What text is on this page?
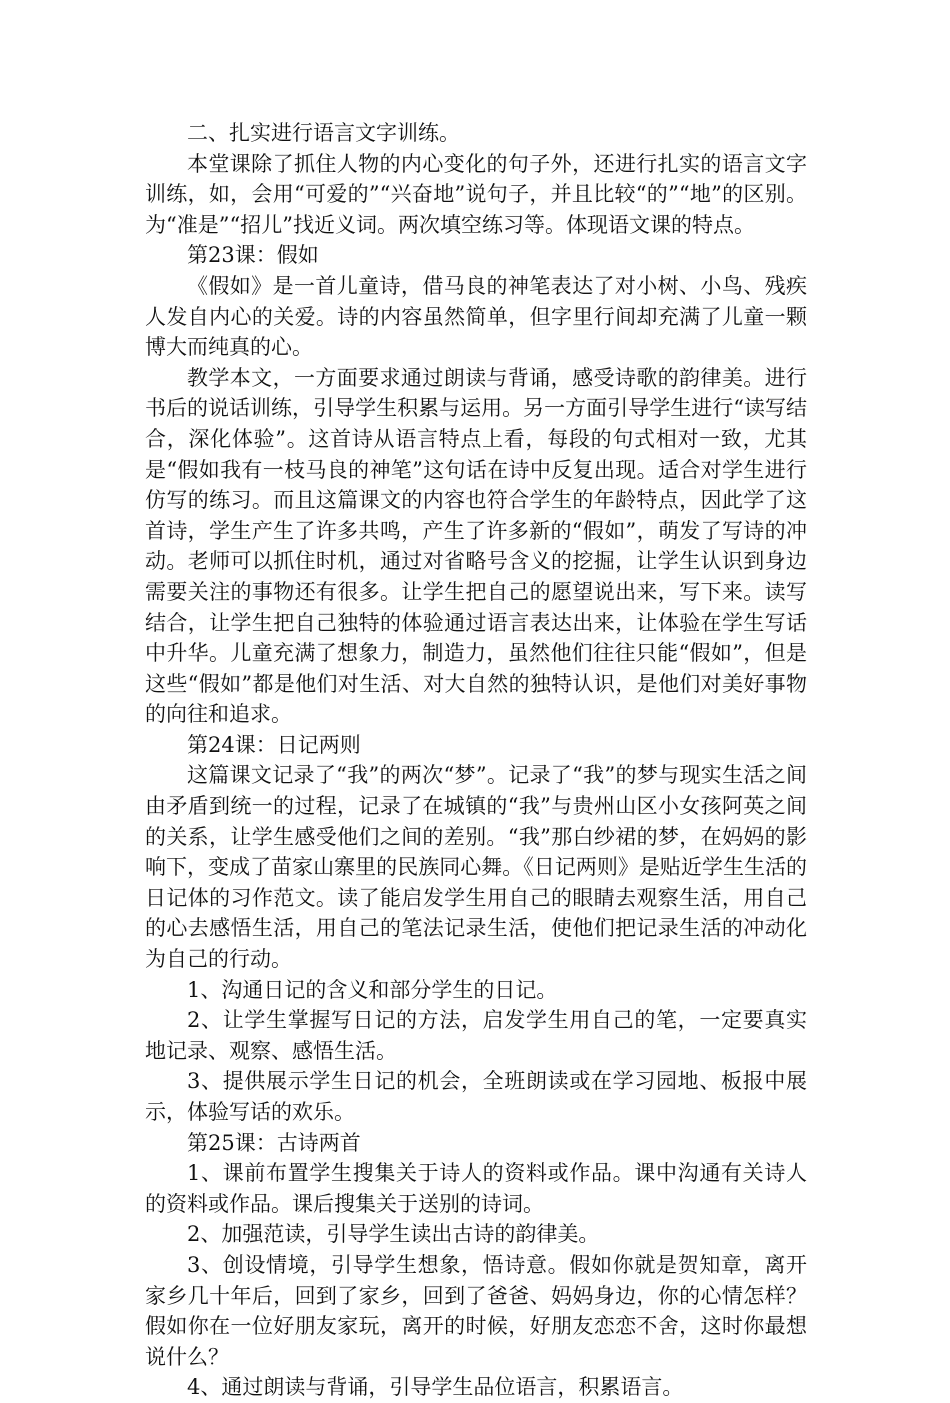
二、扎实进行语言文字训练。

本堂课除了抓住人物的内心变化的句子外，还进行扎实的语言文字训练，如，会用“可爱的”“兴奋地”说句子，并且比较“的”“地”的区别。为“准是”“招儿”找近义词。两次填空练习等。体现语文课的特点。

第23课：假如

《假如》是一首儿童诗，借马良的神笔表达了对小树、小鸟、残疾人发自内心的关爱。诗的内容虽然简单，但字里行间却充满了儿童一颗博大而纯真的心。

教学本文，一方面要求通过朗读与背诵，感受诗歌的韵律美。进行书后的说话训练，引导学生积累与运用。另一方面引导学生进行“读写结合，深化体验”。这首诗从语言特点上看，每段的句式相对一致，尤其是“假如我有一枝马良的神笔”这句话在诗中反复出现。适合对学生进行仿写的练习。而且这篇课文的内容也符合学生的年龄特点，因此学了这首诗，学生产生了许多共鸣，产生了许多新的“假如”，萌发了写诗的冲动。老师可以抓住时机，通过对省略号含义的挖掘，让学生认识到身边需要关注的事物还有很多。让学生把自己的愿望说出来，写下来。读写结合，让学生把自己独特的体验通过语言表达出来，让体验在学生写话中升华。儿童充满了想象力，制造力，虽然他们往往只能“假如”，但是这些“假如”都是他们对生活、对大自然的独特认识，是他们对美好事物的向往和追求。

第24课：日记两则

这篇课文记录了“我”的两次“梦”。记录了“我”的梦与现实生活之间由矛盾到统一的过程，记录了在城镇的“我”与贵州山区小女孩阿英之间的关系，让学生感受他们之间的差别。“我”那白纱裙的梦，在妈妈的影响下，变成了苗家山寨里的民族同心舞。《日记两则》是贴近学生生活的日记体的习作范文。读了能启发学生用自己的眼睛去观察生活，用自己的心去感悟生活，用自己的笔法记录生活，使他们把记录生活的冲动化为自己的行动。

1、沟通日记的含义和部分学生的日记。

2、让学生掌握写日记的方法，启发学生用自己的笔，一定要真实地记录、观察、感悟生活。

3、提供展示学生日记的机会，全班朗读或在学习园地、板报中展示，体验写话的欢乐。

第25课：古诗两首

1、课前布置学生搜集关于诗人的资料或作品。课中沟通有关诗人的资料或作品。课后搜集关于送别的诗词。

2、加强范读，引导学生读出古诗的韵律美。

3、创设情境，引导学生想象，悟诗意。假如你就是贺知章，离开家乡几十年后，回到了家乡，回到了爸爸、妈妈身边，你的心情怎样？假如你在一位好朋友家玩，离开的时候，好朋友恋恋不舍，这时你最想说什么？

4、通过朗读与背诵，引导学生品位语言，积累语言。
